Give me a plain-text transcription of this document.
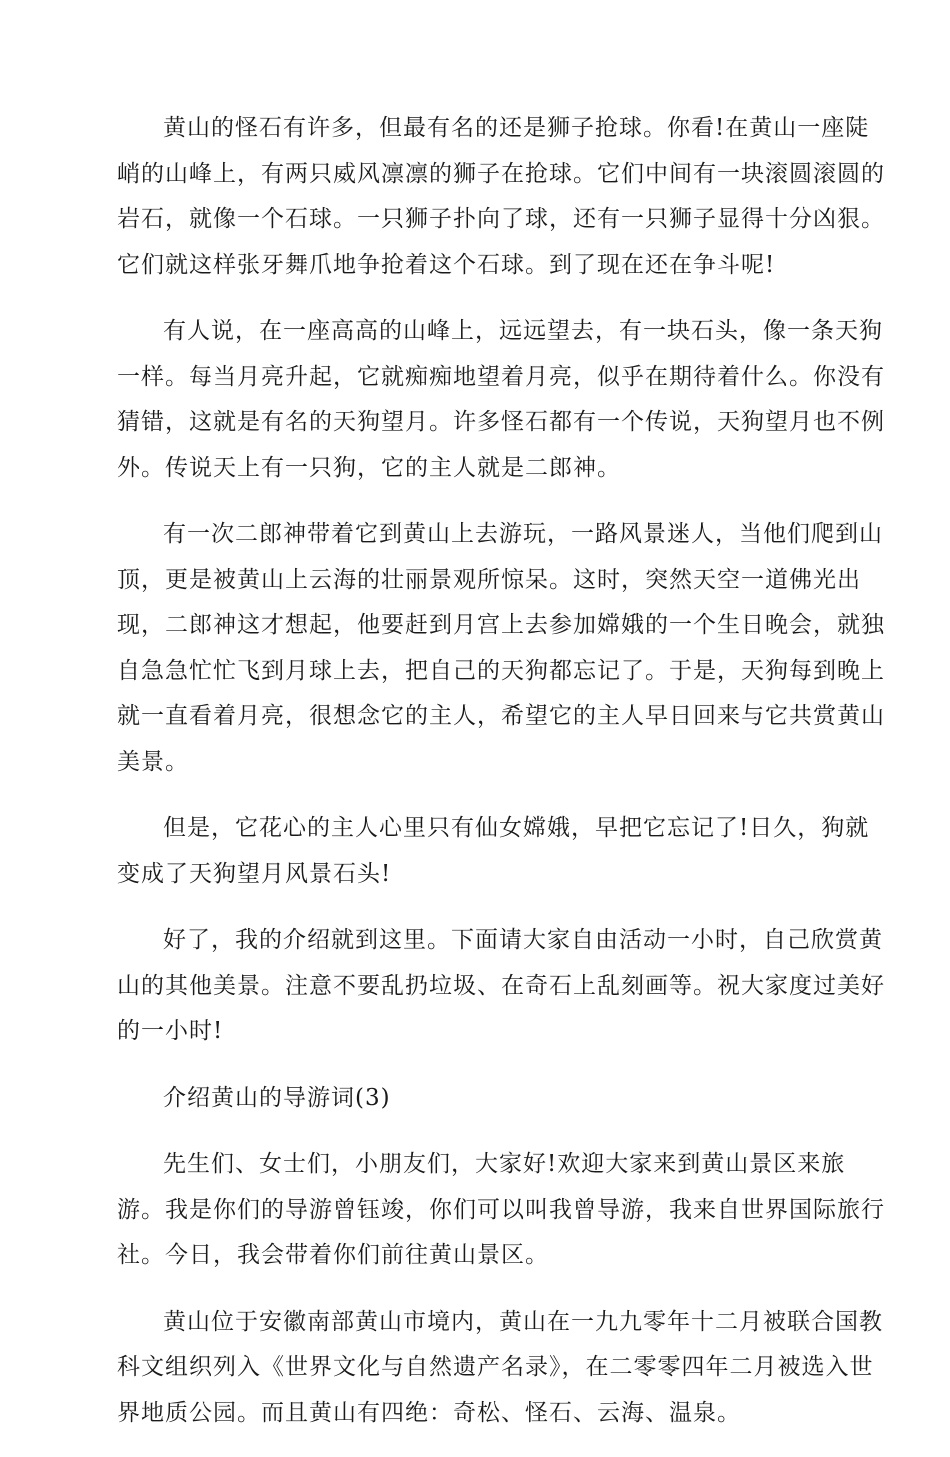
黄山的怪石有许多，但最有名的还是狮子抢球。你看!在黄山一座陡
峭的山峰上，有两只威风凛凛的狮子在抢球。它们中间有一块滚圆滚圆的
岩石，就像一个石球。一只狮子扑向了球，还有一只狮子显得十分凶狠。
它们就这样张牙舞爪地争抢着这个石球。到了现在还在争斗呢!
有人说，在一座高高的山峰上，远远望去，有一块石头，像一条天狗
一样。每当月亮升起，它就痴痴地望着月亮，似乎在期待着什么。你没有
猜错，这就是有名的天狗望月。许多怪石都有一个传说，天狗望月也不例
外。传说天上有一只狗，它的主人就是二郎神。
有一次二郎神带着它到黄山上去游玩，一路风景迷人，当他们爬到山
顶，更是被黄山上云海的壮丽景观所惊呆。这时，突然天空一道佛光出
现，二郎神这才想起，他要赶到月宫上去参加嫦娥的一个生日晚会，就独
自急急忙忙飞到月球上去，把自己的天狗都忘记了。于是，天狗每到晚上
就一直看着月亮，很想念它的主人，希望它的主人早日回来与它共赏黄山
美景。
但是，它花心的主人心里只有仙女嫦娥，早把它忘记了!日久，狗就
变成了天狗望月风景石头!
好了，我的介绍就到这里。下面请大家自由活动一小时，自己欣赏黄
山的其他美景。注意不要乱扔垃圾、在奇石上乱刻画等。祝大家度过美好
的一小时!
介绍黄山的导游词(3)
先生们、女士们，小朋友们，大家好!欢迎大家来到黄山景区来旅
游。我是你们的导游曾钰竣，你们可以叫我曾导游，我来自世界国际旅行
社。今日，我会带着你们前往黄山景区。
黄山位于安徽南部黄山市境内，黄山在一九九零年十二月被联合国教
科文组织列入《世界文化与自然遗产名录》，在二零零四年二月被选入世
界地质公园。而且黄山有四绝：奇松、怪石、云海、温泉。
